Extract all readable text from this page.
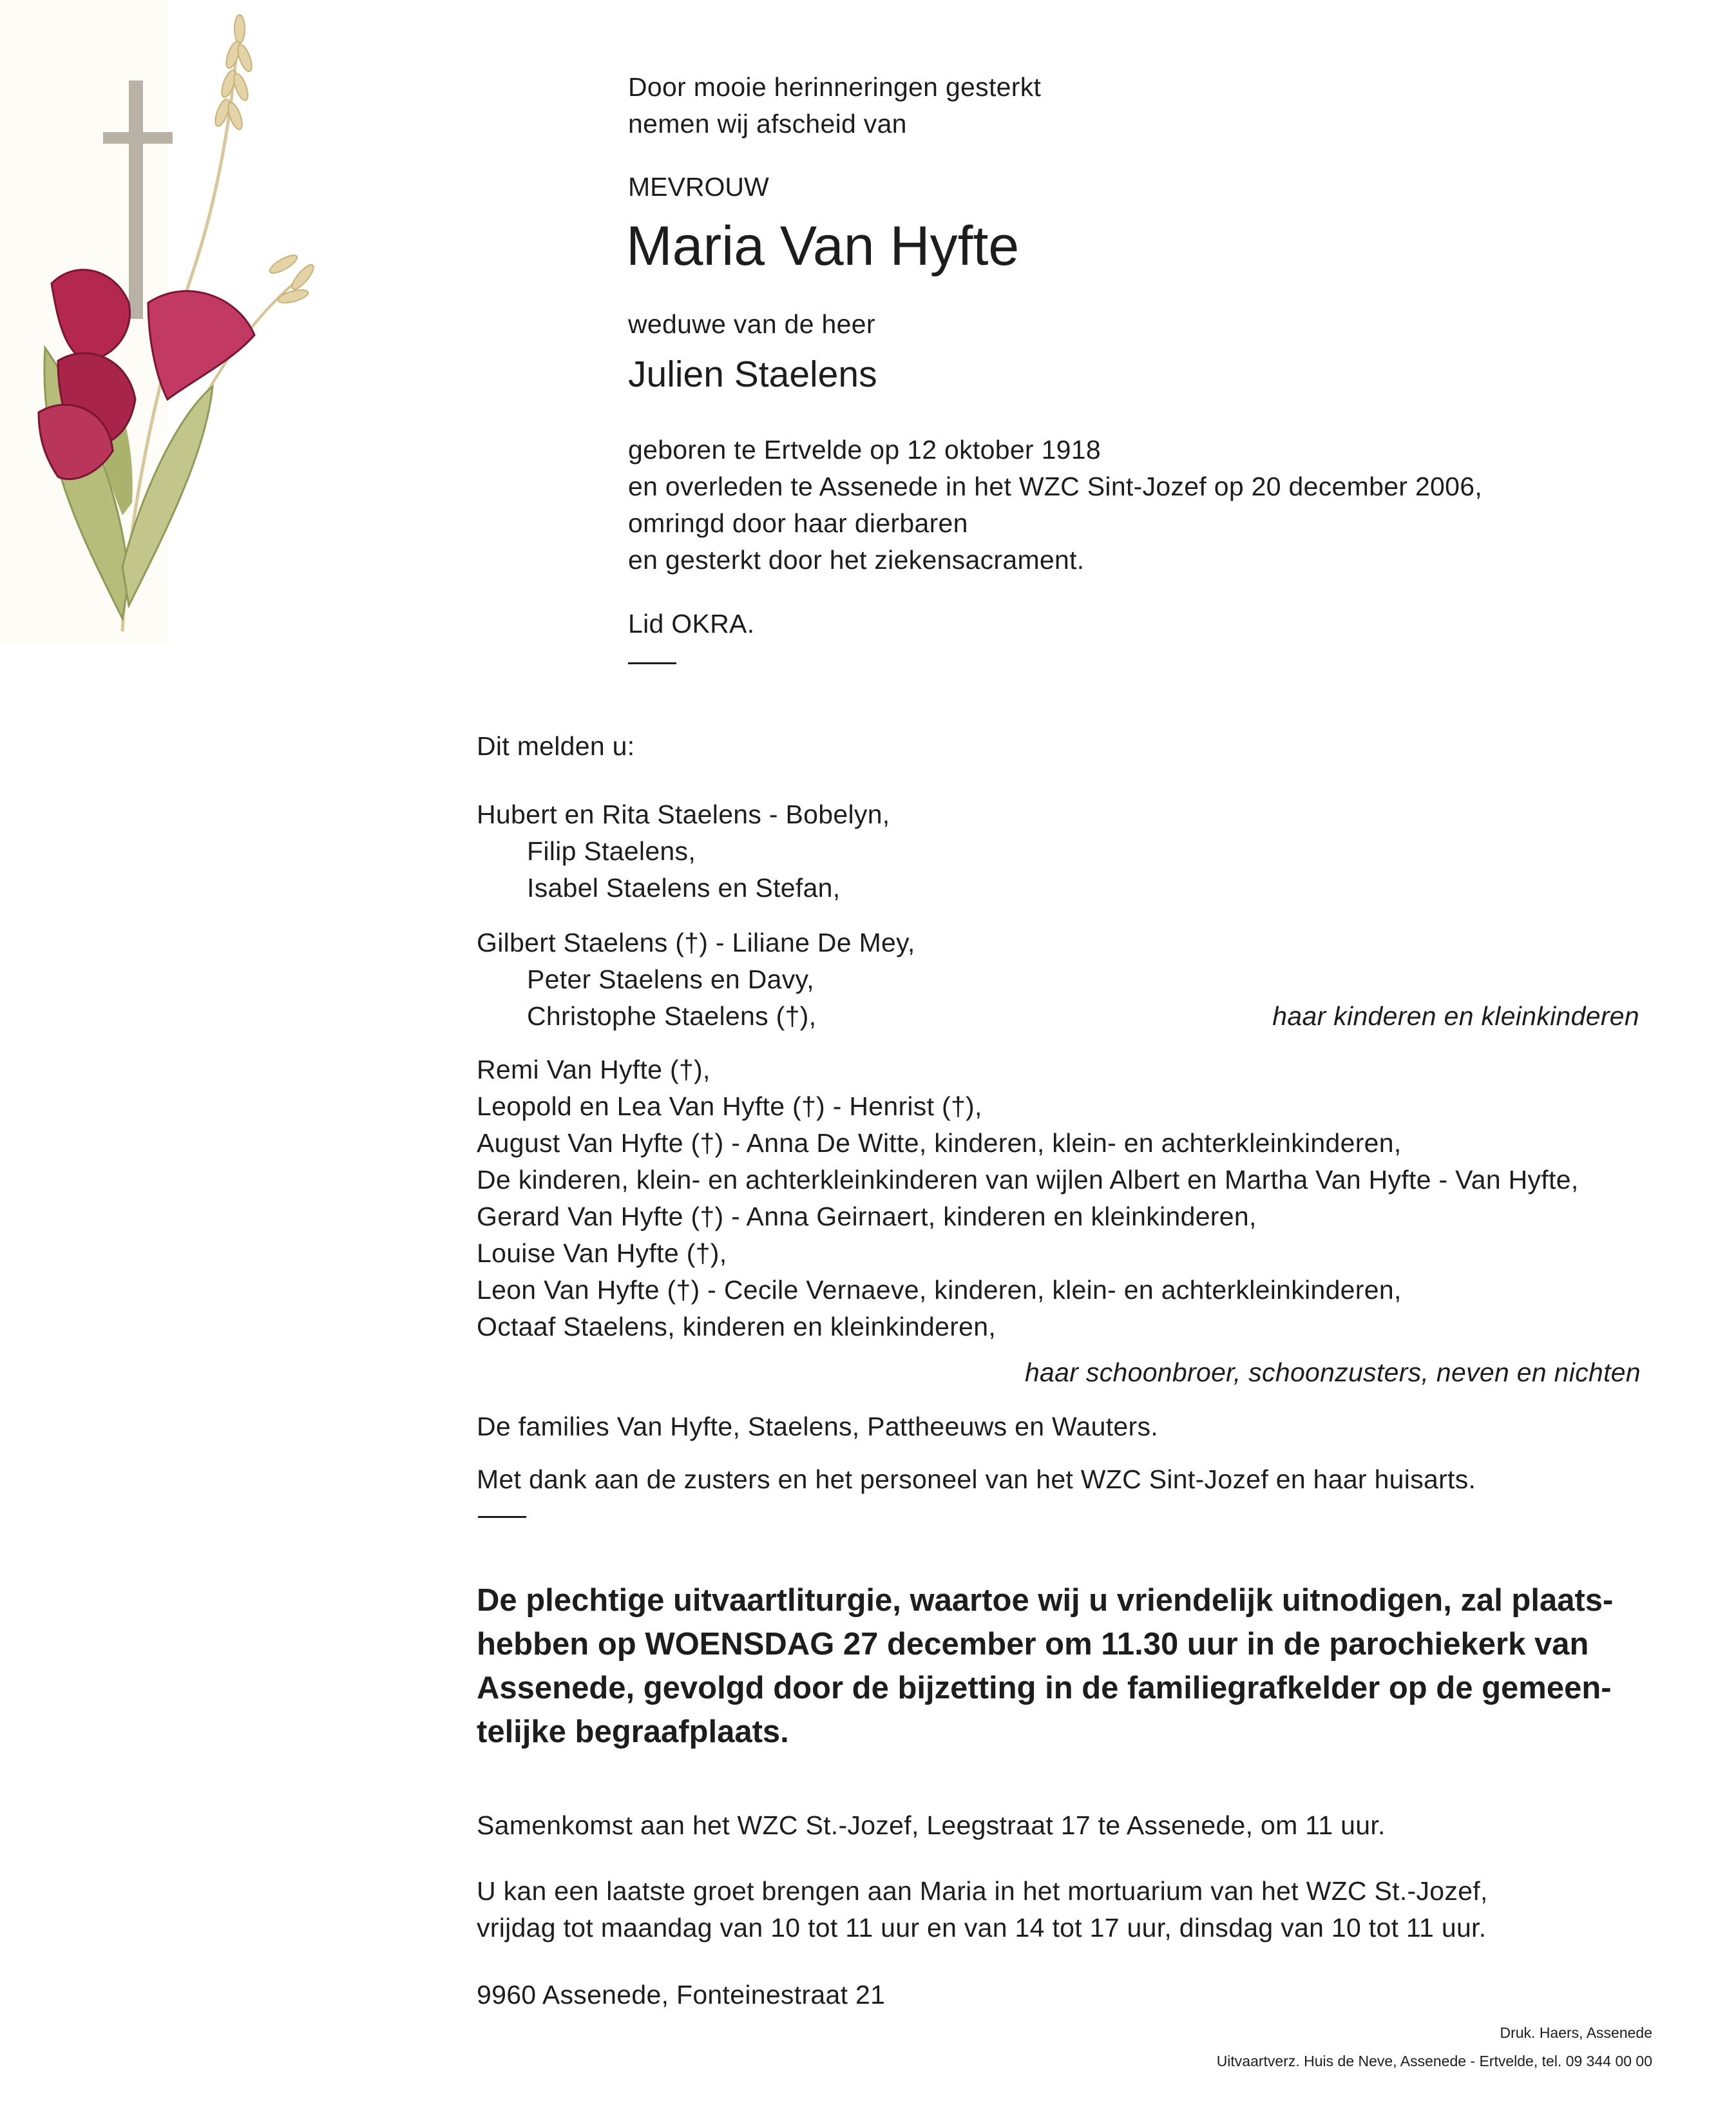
Door mooie herinneringen gesterkt
nemen wij afscheid van
MEVROUW
Maria Van Hyfte
weduwe van de heer
Julien Staelens
geboren te Ertvelde op 12 oktober 1918
en overleden te Assenede in het WZC Sint-Jozef op 20 december 2006,
omringd door haar dierbaren
en gesterkt door het ziekensacrament.
Lid OKRA.
Dit melden u:
Hubert en Rita Staelens - Bobelyn,
Filip Staelens,
Isabel Staelens en Stefan,
Gilbert Staelens (†) - Liliane De Mey,
Peter Staelens en Davy,
Christophe Staelens (†),	haar kinderen en kleinkinderen
Remi Van Hyfte (†),
Leopold en Lea Van Hyfte (†) - Henrist (†),
August Van Hyfte (†) - Anna De Witte, kinderen, klein- en achterkleinkinderen,
De kinderen, klein- en achterkleinkinderen van wijlen Albert en Martha Van Hyfte - Van Hyfte,
Gerard Van Hyfte (†) - Anna Geirnaert, kinderen en kleinkinderen,
Louise Van Hyfte (†),
Leon Van Hyfte (†) - Cecile Vernaeve, kinderen, klein- en achterkleinkinderen,
Octaaf Staelens, kinderen en kleinkinderen,
haar schoonbroer, schoonzusters, neven en nichten
De families Van Hyfte, Staelens, Pattheeuws en Wauters.
Met dank aan de zusters en het personeel van het WZC Sint-Jozef en haar huisarts.
De plechtige uitvaartliturgie, waartoe wij u vriendelijk uitnodigen, zal plaats-
hebben op WOENSDAG 27 december om 11.30 uur in de parochiekerk van
Assenede, gevolgd door de bijzetting in de familiegrafkelder op de gemeen-
telijke begraafplaats.
Samenkomst aan het WZC St.-Jozef, Leegstraat 17 te Assenede, om 11 uur.
U kan een laatste groet brengen aan Maria in het mortuarium van het WZC St.-Jozef,
vrijdag tot maandag van 10 tot 11 uur en van 14 tot 17 uur, dinsdag van 10 tot 11 uur.
9960 Assenede, Fonteinestraat 21
Druk. Haers, Assenede
Uitvaartverz. Huis de Neve, Assenede - Ertvelde, tel. 09 344 00 00
